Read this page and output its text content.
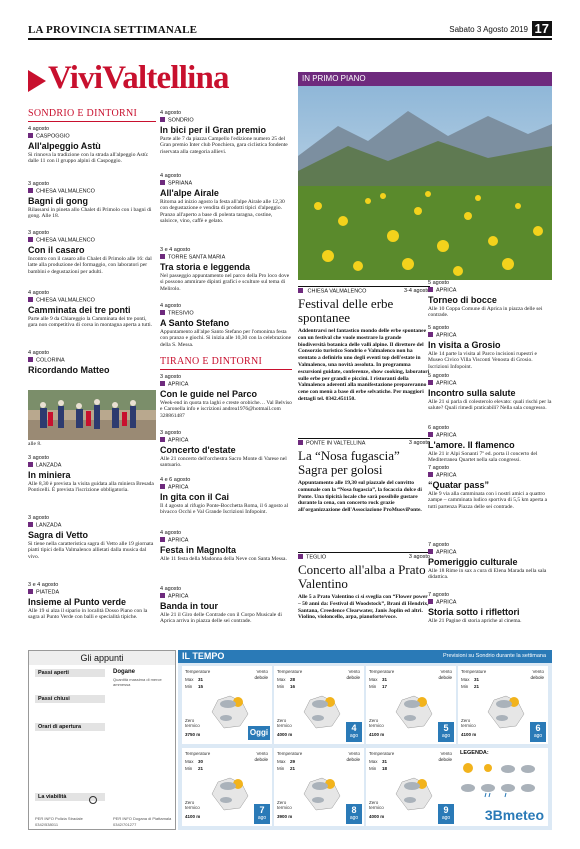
LA PROVINCIA SETTIMANALE	Sabato 3 Agosto 2019 17
ViviValtellina
SONDRIO E DINTORNI
4 agosto
CASPOGGIO
All'alpeggio Astù
Si rinnova la tradizione con la strada all'alpeggio Astù: dalle 11 con il gruppo alpini di Caspoggio.
3 agosto
CHIESA VALMALENCO
Bagni di gong
Rilassarsi in pineta allo Chalet di Primolo con i bagni di gong. Alle 18.
3 agosto
CHIESA VALMALENCO
Con il casaro
Incontro con il casaro allo Chalet di Primolo alle 16: dal latte alla produzione del formaggio, con laboratori per bambini e degustazioni per adulti.
4 agosto
CHIESA VALMALENCO
Camminata dei tre ponti
Parte alle 9 da Chiareggio la Camminata dei tre ponti, gara non competitiva di corsa in montagna aperta a tutti.
4 agosto
COLORINA
Ricordando Matteo
alle 8.
3 agosto
LANZADA
In miniera
Alle 8,30 è prevista la visita guidata alla miniera Bresada Ponticelli. È prevista l'iscrizione obbligatoria.
3 agosto
LANZADA
Sagra di Vetto
Si tiene nella caratteristica sagra di Vetto alle 19 giornata piatti tipici della Valmalenco allietati dalla musica dal vivo.
3 e 4 agosto
PIATEDA
Insieme al Punto verde
Alle 19 si alza il sipario in località Dosso Piano con la sagra al Punto Verde con balli e specialità tipiche.
4 agosto
SONDRIO
In bici per il Gran premio
Parte alle 7 da piazza Campello l'edizione numero 25 del Gran premio Inter club Ponchiera, gara ciclistica fondente riservata alla categoria allievi.
4 agosto
SPRIANA
All'alpe Airale
Ritorna ad inizio agosto la festa all'alpe Airale alle 12,30 con degustazione e vendita di prodotti tipici d'alpeggio. Pranzo all'aperto a base di polenta taragna, costine, salsicce, vino, caffè e gelato.
3 e 4 agosto
TORRE SANTA MARIA
Tra storia e leggenda
Nel passeggio appuntamento nel parco della Pro loco dove si possono ammirare dipinti grafici e sculture sul tema di Melirolo.
4 agosto
TRESIVIO
A Santo Stefano
Appuntamento all'alpe Santo Stefano per l'omonima festa con pranzo e giochi. Si inizia alle 10,30 con la celebrazione della S. Messa.
3 agosto
APRICA
Con le guide nel Parco
Week-end in quota tra laghi e creste orobiche… Val Belviso e Caronella info e iscrizioni andrea1976@hotmail.com 328861487
3 agosto
APRICA
Concerto d'estate
Alle 21 concerto dell'orchestra Sacro Monte di Varese nel santuario.
4 e 6 agosto
APRICA
In gita con il Cai
Il 4 agosto al rifugio Ponte-Bocchetta Roma, il 6 agosto al bivacco Occhi e Val Grande Iscrizioni Infopoint.
4 agosto
APRICA
Festa in Magnolta
Alle 11 festa della Madonna della Neve con Santa Messa.
4 agosto
APRICA
Banda in tour
Alle 21 il Giro delle Contrade con il Corpo Musicale di Aprica arriva in piazza delle sei contrade.
TIRANO E DINTORNI
IN PRIMO PIANO
CHIESA VALMALENCO	3-4 agosto
Festival delle erbe spontanee
Addentrarsi nel fantastico mondo delle erbe spontanee con un festival che vuole mostrare la grande biodiversità botanica delle valli alpine. Il direttore del Consorzio turistico Sondrio e Valmalenco non ha stentato a definirlo uno degli eventi top dell'estate in Valmalenco, una novità assoluta. In programma escursioni guidate, conferenze, show cooking, laboratori sulle erbe per grandi e piccini. I ristoranti della Valmalenco aderenti alla manifestazione prepareranno cene con menù a base di erbe selvatiche. Per maggiori dettagli tel. 0342.451150.
PONTE IN VALTELLINA	3 agosto
La “Nosa fugascia” Sagra per golosi
Appuntamento alle 19,30 sul piazzale del convitto comunale con la “Nosa fugascia”, la focaccia dolce di Ponte. Una tipicità locale che sarà possibile gustare durante la cena, con concerto rock grazie all'organizzazione dell'Associazione ProMuoviPonte.
TEGLIO	3 agosto
Concerto all'alba a Prato Valentino
Alle 5 a Prato Valentino ci si sveglia con “Flower power – 50 anni da: Festival di Woodstock”, Brani di Hendrix, Santana, Creedence Clearwater, Janis Joplin ed altri. Violino, violoncello, arpa, pianoforte/voce.
5 agosto
APRICA
Torneo di bocce
Alle 10 Coppa Comune di Aprica in piazza delle sei contrade.
5 agosto
APRICA
In visita a Grosio
Alle 14 parte la visita al Parco incisioni rupestri e Museo Civico Villa Visconti Venosta di Grosio. Iscrizioni Infopoint.
5 agosto
APRICA
Incontro sulla salute
Alle 21 si parla di colesterolo elevato: quali rischi per la salute? Quali rimedi praticabili? Nella sala congresso.
6 agosto
APRICA
L'amore. Il flamenco
Alle 21 ir Alpi Sonanti 7º ed. porta il concerto del Mediterranea Quartet nella sala congressi.
7 agosto
APRICA
“Quatar pass”
Alle 9 via alla camminata con i nostri amici a quattro zampe – camminata ludico sportiva di 5,5 km aperta a tutti partenza Piazza delle sei contrade.
7 agosto
APRICA
Pomeriggio culturale
Alle 18 Rime in sax a cura di Elena Marada nella sala didattica.
7 agosto
APRICA
Storia sotto i riflettori
Alle 21 Pagine di storia apriche al cinema.
Gli appunti
Passi aperti
Passi chiusi
Orari di apertura
La viabilità
Dogane
Quantità massima di merce ammessa
PER INFO Polizia Stradale
0342/538011
PER INFO Dogana di Piattamala
0342/701277
IL TEMPO	Previsioni su Sondrio durante la settimana
Temperature
Max 31
Min 15
Vento
debole
Zero termico
3750 m	Oggi
Temperature
Max 28
Min 16
Vento
debole
Zero termico
4000 m
4
ago
Temperature
Max 31
Min 17
Vento
debole
Zero termico
4100 m
5
ago
Temperature
Max 31
Min 21
Vento
debole
Zero termico
4100 m
6
ago
Temperature
Max 30
Min 21
Vento
debole
Zero termico
4100 m
7
ago
Temperature
Max 29
Min 21
Vento
debole
Zero termico
3900 m
8
ago
Temperature
Max 31
Min 18
Vento
debole
Zero termico
4000 m
9
ago
LEGENDA:
3Bmeteo
